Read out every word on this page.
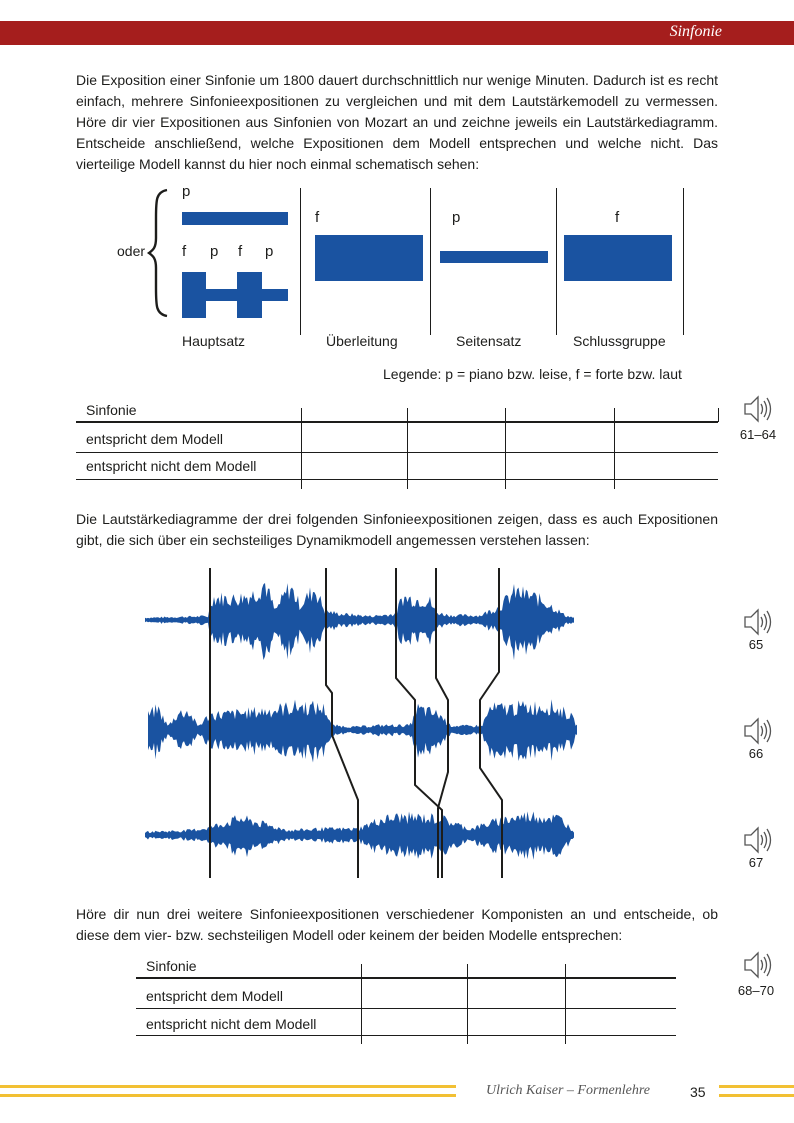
Sinfonie

Die Exposition einer Sinfonie um 1800 dauert durchschnittlich nur wenige Minuten. Dadurch ist es recht einfach, mehrere Sinfonieexpositionen zu vergleichen und mit dem Lautstärkemodell zu vermessen. Höre dir vier Expositionen aus Sinfonien von Mozart an und zeichne jeweils ein Lautstärkediagramm. Entscheide anschließend, welche Expositionen dem Modell entsprechen und welche nicht. Das vierteilige Modell kannst du hier noch einmal schematisch sehen:

oder
p
f p f p
f	p	f
Hauptsatz	Überleitung	Seitensatz	Schlussgruppe
Legende: p = piano bzw. leise, f = forte bzw. laut
Sinfonie
entspricht dem Modell
entspricht nicht dem Modell
61–64

Die Lautstärkediagramme der drei folgenden Sinfonieexpositionen zeigen, dass es auch Expositionen gibt, die sich über ein sechsteiliges Dynamikmodell angemessen verstehen lassen:

65
66
67

Höre dir nun drei weitere Sinfonieexpositionen verschiedener Komponisten an und entscheide, ob diese dem vier- bzw. sechsteiligen Modell oder keinem der beiden Modelle entsprechen:

Sinfonie
entspricht dem Modell
entspricht nicht dem Modell
68–70
Ulrich Kaiser – Formenlehre	35
